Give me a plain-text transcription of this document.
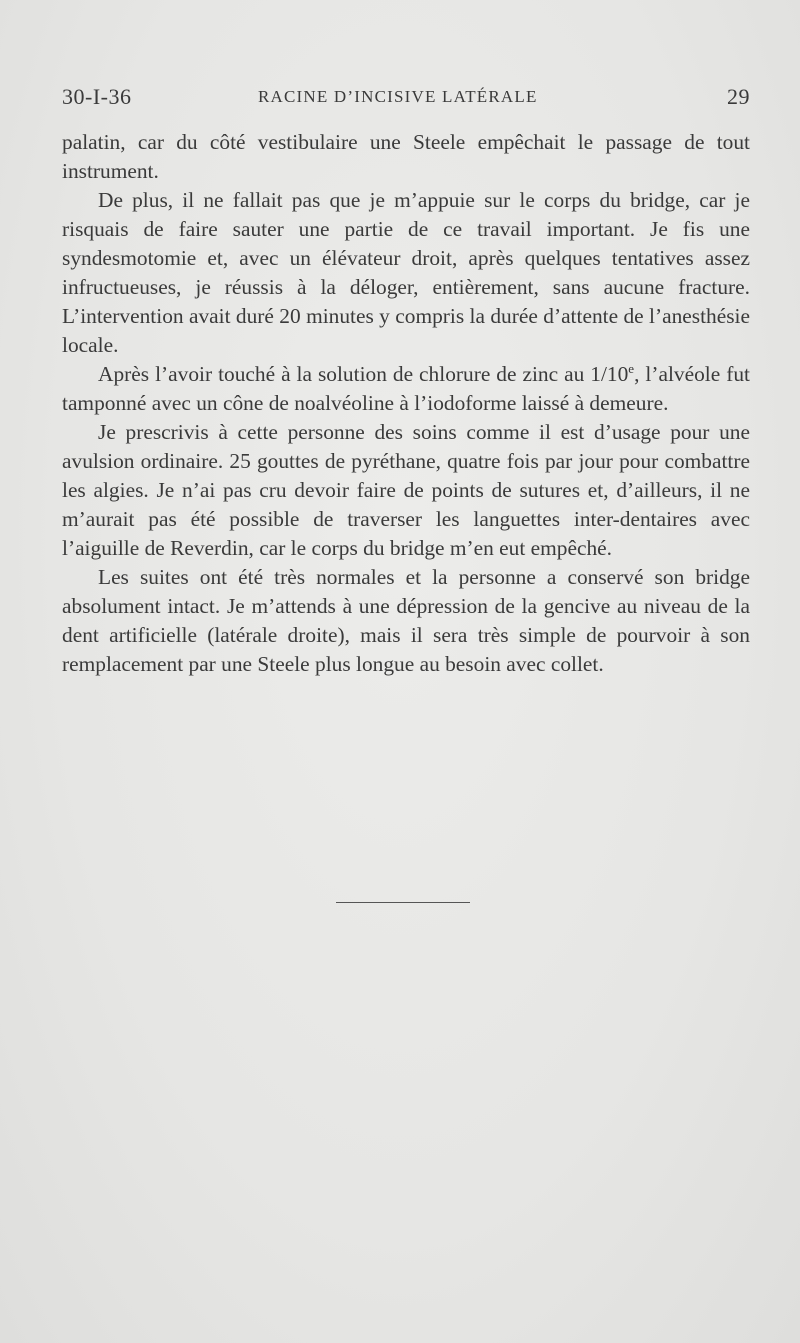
30-I-36	RACINE D’INCISIVE LATÉRALE	29

palatin, car du côté vestibulaire une Steele empêchait le passage de tout instrument.

De plus, il ne fallait pas que je m’appuie sur le corps du bridge, car je risquais de faire sauter une partie de ce travail important. Je fis une syndesmotomie et, avec un élévateur droit, après quelques tentatives assez infructueuses, je réussis à la déloger, entièrement, sans aucune fracture. L’intervention avait duré 20 minutes y compris la durée d’attente de l’anesthésie locale.

Après l’avoir touché à la solution de chlorure de zinc au 1/10e, l’alvéole fut tamponné avec un cône de noalvéoline à l’iodoforme laissé à demeure.

Je prescrivis à cette personne des soins comme il est d’usage pour une avulsion ordinaire. 25 gouttes de pyréthane, quatre fois par jour pour combattre les algies. Je n’ai pas cru devoir faire de points de sutures et, d’ailleurs, il ne m’aurait pas été possible de traverser les languettes inter-dentaires avec l’aiguille de Reverdin, car le corps du bridge m’en eut empêché.

Les suites ont été très normales et la personne a conservé son bridge absolument intact. Je m’attends à une dépression de la gencive au niveau de la dent artificielle (latérale droite), mais il sera très simple de pourvoir à son remplacement par une Steele plus longue au besoin avec collet.
